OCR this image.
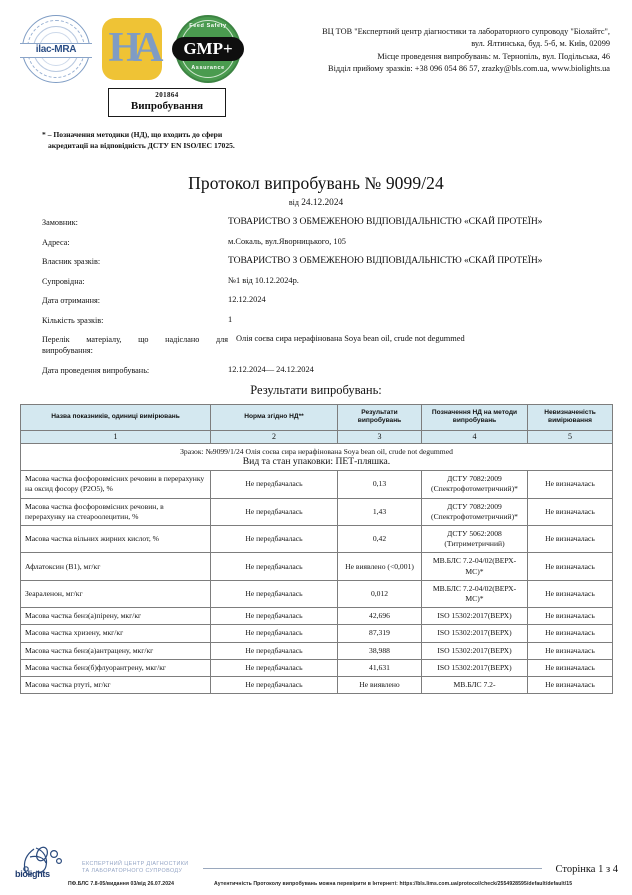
ilac-MRA НА	Feed Safety
Assurance
GMP+
201864
Випробування
ВЦ ТОВ "Експертний центр діагностики та лабораторного супроводу "Біолайтс",
вул. Ялтинська, буд. 5-б, м. Київ, 02099
Місце проведення випробувань: м. Тернопіль, вул. Подільська, 46
Відділ прийому зразків: +38 096 054 86 57, zrazky@bls.com.ua, www.biolights.ua
* – Позначення методики (НД), що входить до сфери
акредитації на відповідність ДСТУ EN ISO/IEC 17025.
Протокол випробувань № 9099/24
від 24.12.2024
Замовник:	ТОВАРИСТВО З ОБМЕЖЕНОЮ ВІДПОВІДАЛЬНІСТЮ «СКАЙ ПРОТЕЇН»
Адреса:	м.Сокаль, вул.Яворницького, 105
Власник зразків:	ТОВАРИСТВО З ОБМЕЖЕНОЮ ВІДПОВІДАЛЬНІСТЮ «СКАЙ ПРОТЕЇН»
Супровідна:	№1 від 10.12.2024р.
Дата отримання:	12.12.2024
Кількість зразків:	1
Перелік матеріалу, що надіслано для
випробування:
Олія соєва сира нерафінована Soya bean oil, crude not degummed
Дата проведення випробувань:	12.12.2024— 24.12.2024
Результати випробувань:
Назва показників, одиниці вимірювань	Норма згідно НД**	Результати випробувань	Позначення НД на методи випробувань	Невизначеність вимірювання
1	2	3	4	5

Зразок: №9099/1/24 Олія соєва сира нерафінована Soya bean oil, crude not degummed
Вид та стан упаковки: ПЕТ-пляшка.				

Масова частка фосфоровмісних речовин в перерахунку на оксид фосору (Р2О5), %	Не передбачалась	0,13	ДСТУ 7082:2009 (Спектрофотометричний)*	Не визначалась
Масова частка фосфоровмісних речовин, в перерахунку на стеароолецитин, %	Не передбачалась	1,43	ДСТУ 7082:2009 (Спектрофотометричний)*	Не визначалась
Масова частка вільних жирних кислот, %	Не передбачалась	0,42	ДСТУ 5062:2008 (Титриметричний)	Не визначалась
Афлатоксин (В1), мг/кг	Не передбачалась	Не виявлено (<0,001)	МВ.БЛС 7.2-04/02(ВЕРХ-МС)*	Не визначалась
Зеараленон, мг/кг	Не передбачалась	0,012	МВ.БЛС 7.2-04/02(ВЕРХ-МС)*	Не визначалась
Масова частка бенз(а)пірену, мкг/кг	Не передбачалась	42,696	ISO 15302:2017(ВЕРХ)	Не визначалась
Масова частка хризену, мкг/кг	Не передбачалась	87,319	ISO 15302:2017(ВЕРХ)	Не визначалась
Масова частка бенз(а)антрацену, мкг/кг	Не передбачалась	38,988	ISO 15302:2017(ВЕРХ)	Не визначалась
Масова частка бенз(б)флуорантрену, мкг/кг	Не передбачалась	41,631	ISO 15302:2017(ВЕРХ)	Не визначалась
Масова частка ртуті, мг/кг	Не передбачалась	Не виявлено	МВ.БЛС 7.2-	Не визначалась
biolights
ЕКСПЕРТНИЙ ЦЕНТР ДІАГНОСТИКИ
ТА ЛАБОРАТОРНОГО СУПРОВОДУ	Сторінка 1 з 4
ПФ.БЛС 7.8-05/видання 03/від 26.07.2024	Аутентичність Протоколу випробувань можна перевірити в Інтернеті: https://bls.lims.com.ua/protocol/check/2554928595/default/default/15
